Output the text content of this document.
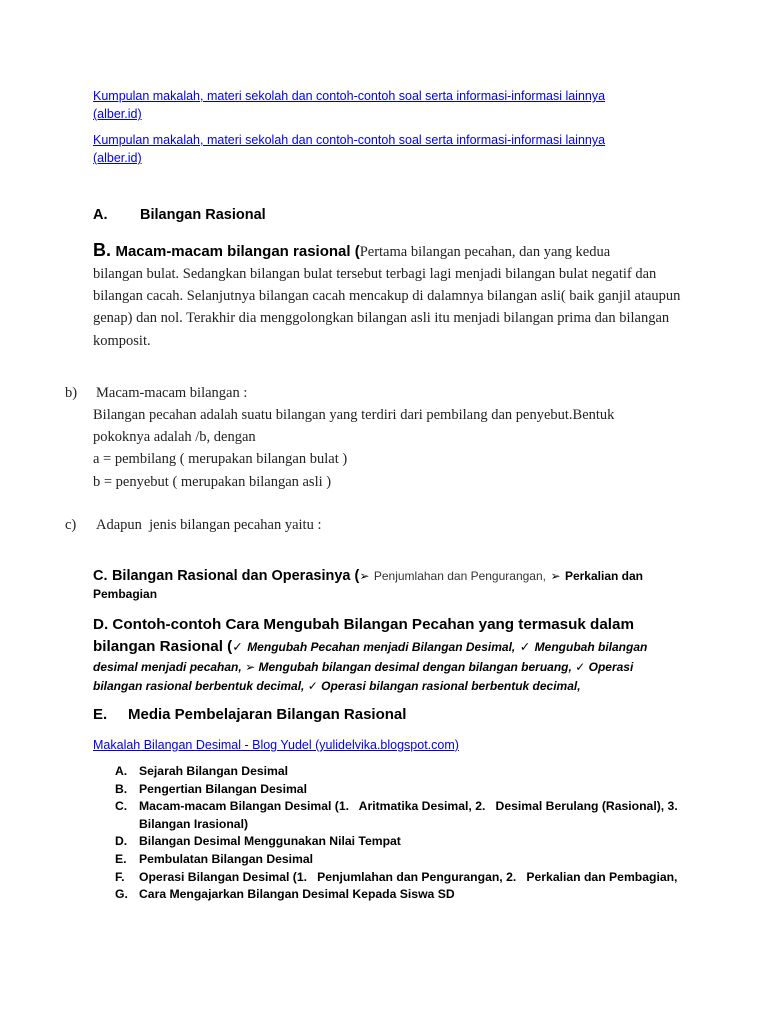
Kumpulan makalah, materi sekolah dan contoh-contoh soal serta informasi-informasi lainnya (alber.id)
Kumpulan makalah, materi sekolah dan contoh-contoh soal serta informasi-informasi lainnya (alber.id)
A. Bilangan Rasional
B. Macam-macam bilangan rasional (Pertama bilangan pecahan, dan yang kedua
bilangan bulat. Sedangkan bilangan bulat tersebut terbagi lagi menjadi bilangan bulat negatif dan bilangan cacah. Selanjutnya bilangan cacah mencakup di dalamnya bilangan asli( baik ganjil ataupun genap) dan nol. Terakhir dia menggolongkan bilangan asli itu menjadi bilangan prima dan bilangan komposit.
b) Macam-macam bilangan :
Bilangan pecahan adalah suatu bilangan yang terdiri dari pembilang dan penyebut.Bentuk
pokoknya adalah /b, dengan
a = pembilang ( merupakan bilangan bulat )
b = penyebut ( merupakan bilangan asli )
c) Adapun  jenis bilangan pecahan yaitu :
C. Bilangan Rasional dan Operasinya (➢ Penjumlahan dan Pengurangan, ➢ Perkalian dan
Pembagian
D. Contoh-contoh Cara Mengubah Bilangan Pecahan yang termasuk dalam
bilangan Rasional (✓ Mengubah Pecahan menjadi Bilangan Desimal, ✓ Mengubah bilangan
desimal menjadi pecahan, ➢ Mengubah bilangan desimal dengan bilangan beruang, ✓ Operasi
bilangan rasional berbentuk decimal, ✓ Operasi bilangan rasional berbentuk decimal,
E. Media Pembelajaran Bilangan Rasional
Makalah Bilangan Desimal - Blog Yudel (yulidelvika.blogspot.com)
A. Sejarah Bilangan Desimal
B. Pengertian Bilangan Desimal
C. Macam-macam Bilangan Desimal (1.   Aritmatika Desimal, 2.   Desimal Berulang (Rasional), 3.   Bilangan Irasional)
D. Bilangan Desimal Menggunakan Nilai Tempat
E. Pembulatan Bilangan Desimal
F. Operasi Bilangan Desimal (1.   Penjumlahan dan Pengurangan, 2.   Perkalian dan Pembagian,
G. Cara Mengajarkan Bilangan Desimal Kepada Siswa SD
